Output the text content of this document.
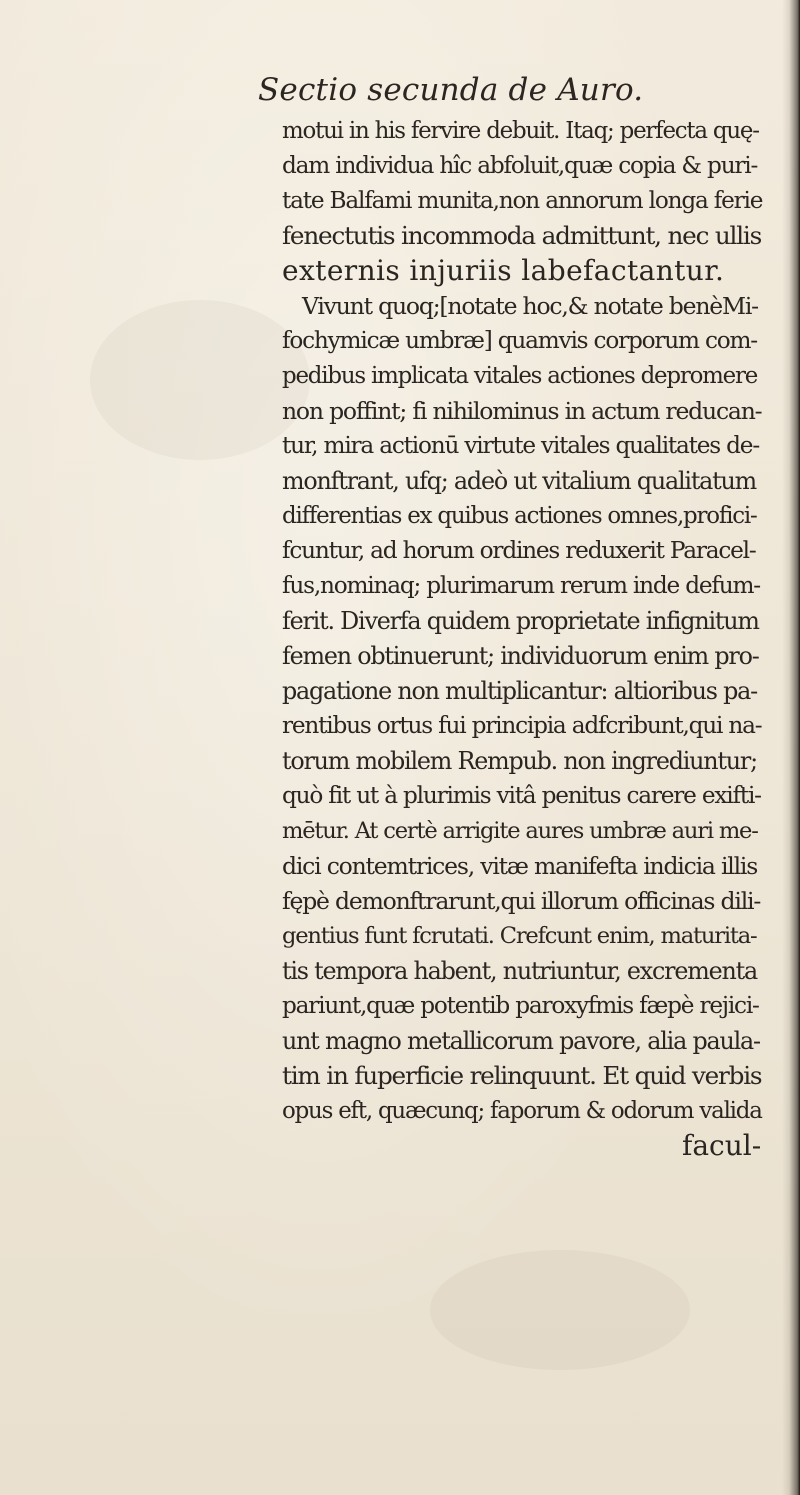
Sectio secunda de Auro.
motui in his fervire debuit. Itaq; perfecta quę-
dam individua hîc abfoluit,quæ copia & puri-
tate Balfami munita,non annorum longa ferie
fenectutis incommoda admittunt, nec ullis
externis injuriis labefactantur.
Vivunt quoq;[notate hoc,& notate benèMi-
fochymicæ umbræ] quamvis corporum com-
pedibus implicata vitales actiones depromere
non poffint; fi nihilominus in actum reducan-
tur, mira actionū virtute vitales qualitates de-
monftrant, ufq; adeò ut vitalium qualitatum
differentias ex quibus actiones omnes,profici-
fcuntur, ad horum ordines reduxerit Paracel-
fus,nominaq; plurimarum rerum inde defum-
ferit. Diverfa quidem proprietate infignitum
femen obtinuerunt; individuorum enim pro-
pagatione non multiplicantur: altioribus pa-
rentibus ortus fui principia adfcribunt,qui na-
torum mobilem Rempub. non ingrediuntur;
quò fit ut à plurimis vitâ penitus carere exifti-
mētur. At certè arrigite aures umbræ auri me-
dici contemtrices, vitæ manifefta indicia illis
fępè demonftrarunt,qui illorum officinas dili-
gentius funt fcrutati. Crefcunt enim, maturita-
tis tempora habent, nutriuntur, excrementa
pariunt,quæ potentib paroxyfmis fæpè rejici-
unt magno metallicorum pavore, alia paula-
tim in fuperficie relinquunt. Et quid verbis
opus eft, quæcunq; faporum & odorum valida
facul-
